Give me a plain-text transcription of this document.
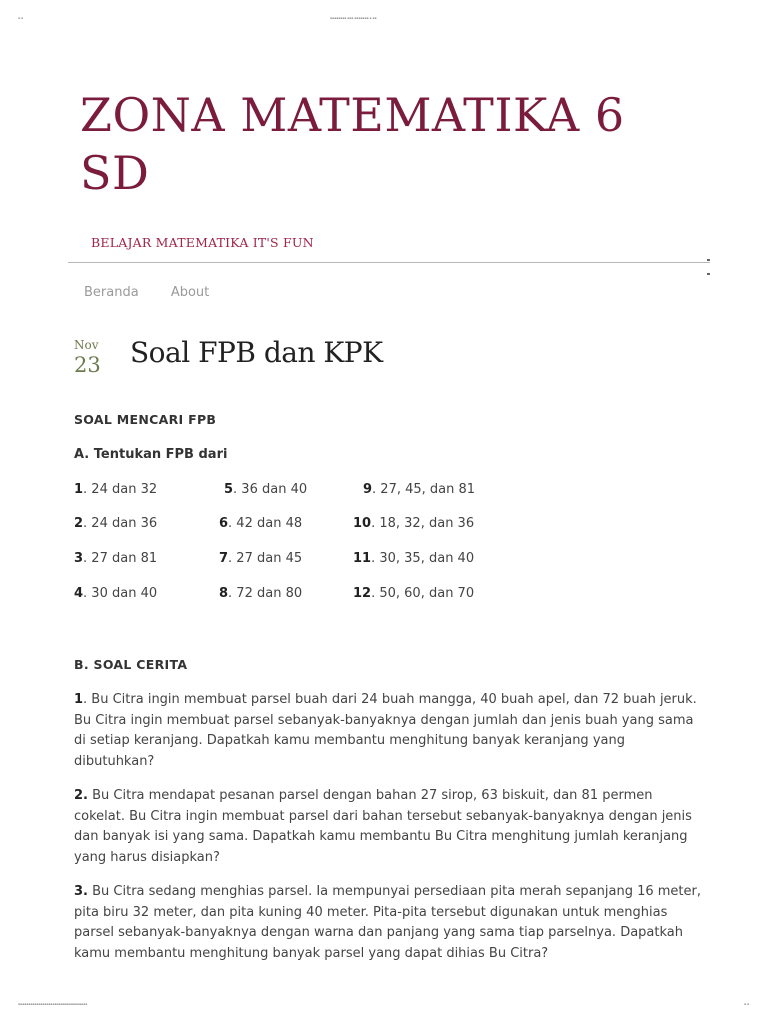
▪ ▪	▪▪▪▪▪▪▪▪ ▪▪▪ ▪▪▪▪▪▪▪ ▪ ▪▪
ZONA MATEMATIKA 6 SD
BELAJAR MATEMATIKA IT'S FUN
Beranda About
Nov
23 Soal FPB dan KPK
SOAL MENCARI FPB
A. Tentukan FPB dari
1. 24 dan 32	5. 36 dan 40	9. 27, 45, dan 81
2. 24 dan 36	6. 42 dan 48	10. 18, 32, dan 36
3. 27 dan 81	7. 27 dan 45	11. 30, 35, dan 40
4. 30 dan 40	8. 72 dan 80	12. 50, 60, dan 70
B. SOAL CERITA

1. Bu Citra ingin membuat parsel buah dari 24 buah mangga, 40 buah apel, dan 72 buah jeruk. Bu Citra ingin membuat parsel sebanyak-banyaknya dengan jumlah dan jenis buah yang sama di setiap keranjang. Dapatkah kamu membantu menghitung banyak keranjang yang dibutuhkan?

2. Bu Citra mendapat pesanan parsel dengan bahan 27 sirop, 63 biskuit, dan 81 permen cokelat. Bu Citra ingin membuat parsel dari bahan tersebut sebanyak-banyaknya dengan jenis dan banyak isi yang sama. Dapatkah kamu membantu Bu Citra menghitung jumlah keranjang yang harus disiapkan?

3. Bu Citra sedang menghias parsel. Ia mempunyai persediaan pita merah sepanjang 16 meter, pita biru 32 meter, dan pita kuning 40 meter. Pita-pita tersebut digunakan untuk menghias parsel sebanyak-banyaknya dengan warna dan panjang yang sama tiap parselnya. Dapatkah kamu membantu menghitung banyak parsel yang dapat dihias Bu Citra?

▪▪▪▪▪▪▪▪▪▪▪▪▪▪▪▪▪▪▪▪▪▪▪▪▪▪▪▪▪▪▪▪▪▪	▪ ▪
